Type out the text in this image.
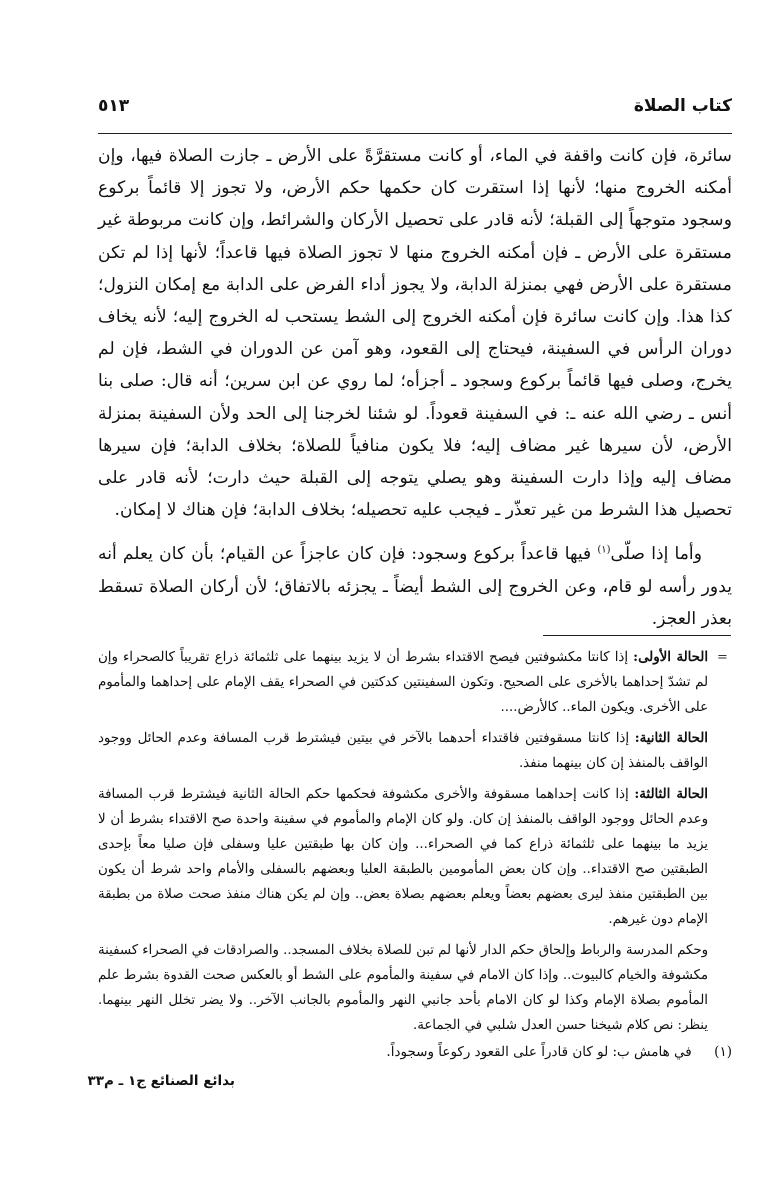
كتاب الصلاة
٥١٣

سائرة، فإن كانت واقفة في الماء، أو كانت مستقرَّةً على الأرض ـ جازت الصلاة فيها، وإن أمكنه الخروج منها؛ لأنها إذا استقرت كان حكمها حكم الأرض، ولا تجوز إلا قائماً بركوع وسجود متوجهاً إلى القبلة؛ لأنه قادر على تحصيل الأركان والشرائط، وإن كانت مربوطة غير مستقرة على الأرض ـ فإن أمكنه الخروج منها لا تجوز الصلاة فيها قاعداً؛ لأنها إذا لم تكن مستقرة على الأرض فهي بمنزلة الدابة، ولا يجوز أداء الفرض على الدابة مع إمكان النزول؛ كذا هذا. وإن كانت سائرة فإن أمكنه الخروج إلى الشط يستحب له الخروج إليه؛ لأنه يخاف دوران الرأس في السفينة، فيحتاج إلى القعود، وهو آمن عن الدوران في الشط، فإن لم يخرج، وصلى فيها قائماً بركوع وسجود ـ أجزأه؛ لما روي عن ابن سرين؛ أنه قال: صلى بنا أنس ـ رضي الله عنه ـ: في السفينة قعوداً. لو شئنا لخرجنا إلى الحد ولأن السفينة بمنزلة الأرض، لأن سيرها غير مضاف إليه؛ فلا يكون منافياً للصلاة؛ بخلاف الدابة؛ فإن سيرها مضاف إليه وإذا دارت السفينة وهو يصلي يتوجه إلى القبلة حيث دارت؛ لأنه قادر على تحصيل هذا الشرط من غير تعذّر ـ فيجب عليه تحصيله؛ بخلاف الدابة؛ فإن هناك لا إمكان.

وأما إذا صلّى$^{(١)}$ فيها قاعداً بركوع وسجود: فإن كان عاجزاً عن القيام؛ بأن كان يعلم أنه يدور رأسه لو قام، وعن الخروج إلى الشط أيضاً ـ يجزئه بالاتفاق؛ لأن أركان الصلاة تسقط بعذر العجز.

=

الحالة الأولى: إذا كانتا مكشوفتين فيصح الاقتداء بشرط أن لا يزيد بينهما على ثلثمائة ذراع تقريباً كالصحراء وإن لم تشدّ إحداهما بالأخرى على الصحيح. وتكون السفينتين كدكتين في الصحراء يقف الإمام على إحداهما والمأموم على الأخرى. ويكون الماء.. كالأرض....

الحالة الثانية: إذا كانتا مسقوفتين فاقتداء أحدهما بالآخر في بيتين فيشترط قرب المسافة وعدم الحائل ووجود الواقف بالمنفذ إن كان بينهما منفذ.

الحالة الثالثة: إذا كانت إحداهما مسقوفة والأخرى مكشوفة فحكمها حكم الحالة الثانية فيشترط قرب المسافة وعدم الحائل ووجود الواقف بالمنفذ إن كان. ولو كان الإمام والمأموم في سفينة واحدة صح الاقتداء بشرط أن لا يزيد ما بينهما على ثلثمائة ذراع كما في الصحراء... وإن كان بها طبقتين عليا وسفلى فإن صليا معاً بإحدى الطبقتين صح الاقتداء.. وإن كان بعض المأمومين بالطبقة العليا وبعضهم بالسفلى والأمام واحد شرط أن يكون بين الطبقتين منفذ ليرى بعضهم بعضاً ويعلم بعضهم بصلاة بعض.. وإن لم يكن هناك منفذ صحت صلاة من بطبقة الإمام دون غيرهم.

وحكم المدرسة والرباط وإلحاق حكم الدار لأنها لم تبن للصلاة بخلاف المسجد.. والصرادقات في الصحراء كسفينة مكشوفة والخيام كالبيوت.. وإذا كان الامام في سفينة والمأموم على الشط أو بالعكس صحت القدوة بشرط علم المأموم بصلاة الإمام وكذا لو كان الامام بأحد جانبي النهر والمأموم بالجانب الآخر.. ولا يضر تخلل النهر بينهما. ينظر: نص كلام شيخنا حسن العدل شلبي في الجماعة.

(١) في هامش ب: لو كان قادراً على القعود ركوعاً وسجوداً.
بدائع الصنائع ج١ ـ م٣٣
